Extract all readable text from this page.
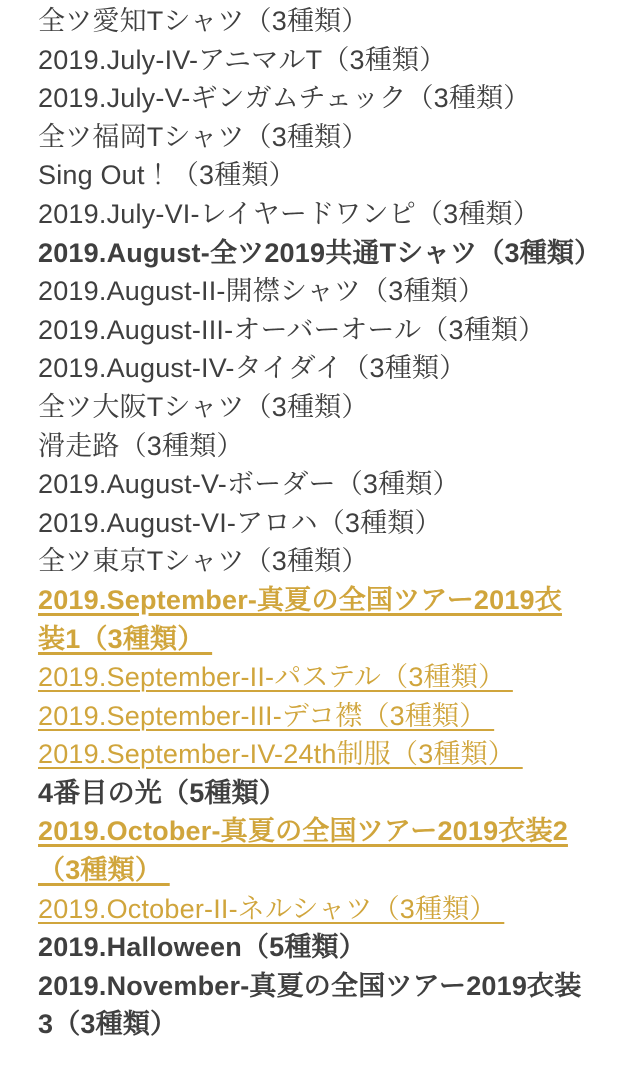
全ツ愛知Tシャツ（3種類）
2019.July-IV-アニマルT（3種類）
2019.July-V-ギンガムチェック（3種類）
全ツ福岡Tシャツ（3種類）
Sing Out！（3種類）
2019.July-VI-レイヤードワンピ（3種類）
2019.August-全ツ2019共通Tシャツ（3種類）
2019.August-II-開襟シャツ（3種類）
2019.August-III-オーバーオール（3種類）
2019.August-IV-タイダイ（3種類）
全ツ大阪Tシャツ（3種類）
滑走路（3種類）
2019.August-V-ボーダー（3種類）
2019.August-VI-アロハ（3種類）
全ツ東京Tシャツ（3種類）
2019.September-真夏の全国ツアー2019衣装1（3種類）
2019.September-II-パステル（3種類）
2019.September-III-デコ襟（3種類）
2019.September-IV-24th制服（3種類）
4番目の光（5種類）
2019.October-真夏の全国ツアー2019衣装2（3種類）
2019.October-II-ネルシャツ（3種類）
2019.Halloween（5種類）
2019.November-真夏の全国ツアー2019衣装3（3種類）
